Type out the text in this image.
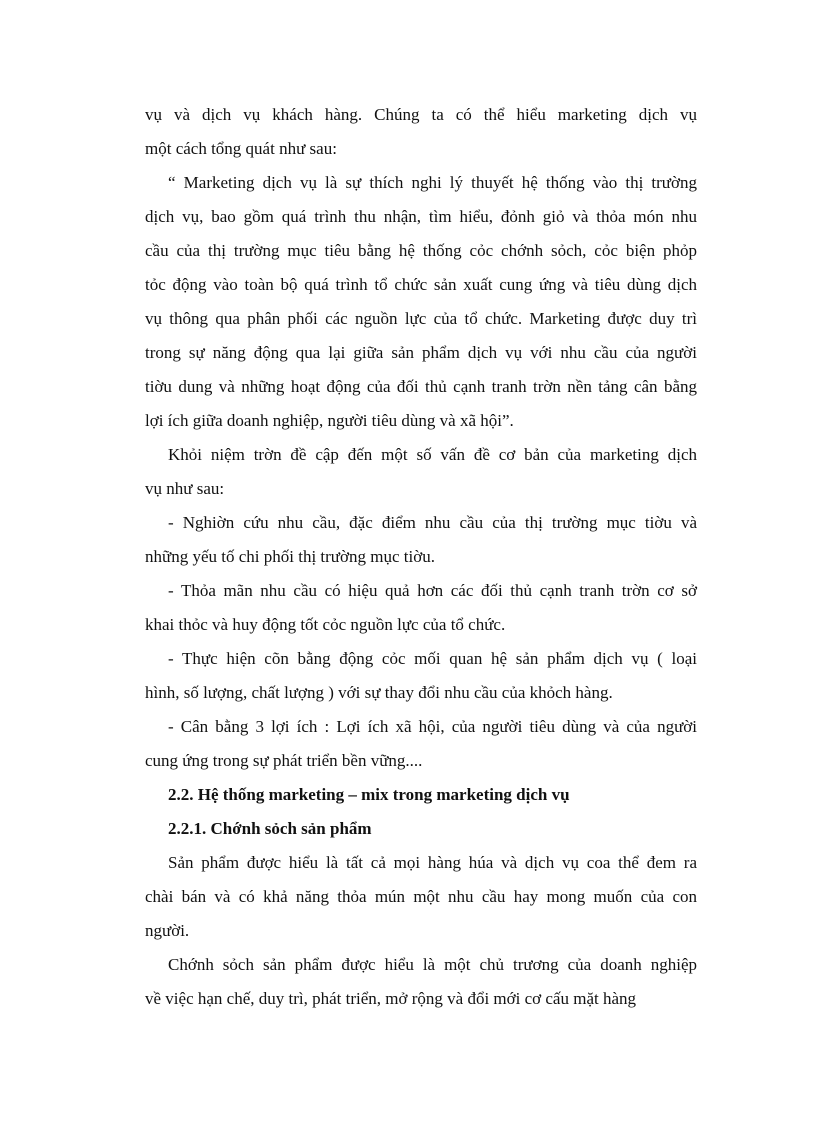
vụ và dịch vụ khách hàng. Chúng ta có thể hiểu marketing dịch vụ
một cách tổng quát như sau:
“ Marketing dịch vụ là sự thích nghi lý thuyết hệ thống vào thị trường
dịch vụ, bao gồm quá trình thu nhận, tìm hiểu, đỏnh giỏ và thỏa món nhu
cầu của thị trường mục tiêu bằng hệ thống cỏc chớnh sỏch, cỏc biện phỏp
tỏc động vào toàn bộ quá trình tổ chức sản xuất cung ứng và tiêu dùng dịch
vụ thông qua phân phối các nguồn lực của tổ chức. Marketing được duy trì
trong sự năng động qua lại giữa sản phẩm dịch vụ với nhu cầu của người
tiờu dung và những hoạt động của đối thủ cạnh tranh trờn nền tảng cân bằng
lợi ích giữa doanh nghiệp, người tiêu dùng và xã hội”.
Khỏi niệm trờn đề cập đến một số vấn đề cơ bản của marketing dịch
vụ như sau:
- Nghiờn cứu nhu cầu, đặc điểm nhu cầu của thị trường mục tiờu và
những yếu tố chi phối thị trường mục tiờu.
- Thỏa mãn nhu cầu có hiệu quả hơn các đối thủ cạnh tranh trờn cơ sở
khai thỏc và huy động tốt cỏc nguồn lực của tổ chức.
- Thực hiện cõn bằng động cỏc mối quan hệ sản phẩm dịch vụ ( loại
hình, số lượng, chất lượng ) với sự thay đổi nhu cầu của khỏch hàng.
- Cân bằng 3 lợi ích : Lợi ích xã hội, của người tiêu dùng và của người
cung ứng trong sự phát triển bền vững....
2.2. Hệ thống marketing – mix trong marketing dịch vụ
2.2.1. Chớnh sỏch sản phẩm
Sản phẩm được hiểu là tất cả mọi hàng húa và dịch vụ coa thể đem ra
chài bán và có khả năng thỏa mún một nhu cầu hay mong muốn của con
người.
Chớnh sỏch sản phẩm được hiểu là một chủ trương của doanh nghiệp
về việc hạn chế, duy trì, phát triển, mở rộng và đổi mới cơ cấu mặt hàng
